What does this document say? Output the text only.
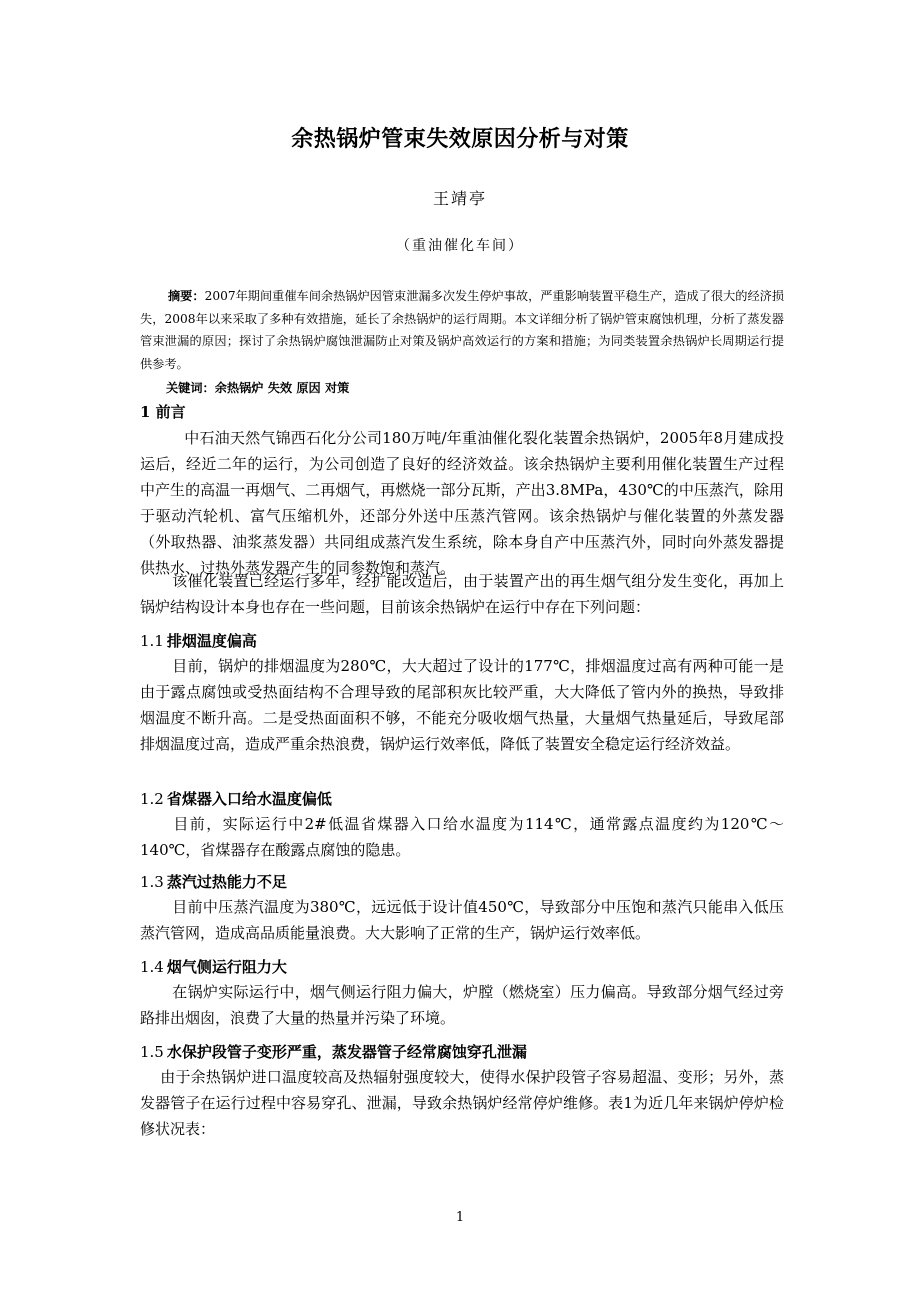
余热锅炉管束失效原因分析与对策
王靖亭
（重油催化车间）
摘要：2007年期间重催车间余热锅炉因管束泄漏多次发生停炉事故，严重影响装置平稳生产，造成了很大的经济损失，2008年以来采取了多种有效措施，延长了余热锅炉的运行周期。本文详细分析了锅炉管束腐蚀机理，分析了蒸发器管束泄漏的原因；探讨了余热锅炉腐蚀泄漏防止对策及锅炉高效运行的方案和措施；为同类装置余热锅炉长周期运行提供参考。
关键词：余热锅炉 失效 原因 对策
1 前言
中石油天然气锦西石化分公司180万吨/年重油催化裂化装置余热锅炉，2005年8月建成投运后，经近二年的运行，为公司创造了良好的经济效益。该余热锅炉主要利用催化装置生产过程中产生的高温一再烟气、二再烟气，再燃烧一部分瓦斯，产出3.8MPa，430℃的中压蒸汽，除用于驱动汽轮机、富气压缩机外，还部分外送中压蒸汽管网。该余热锅炉与催化装置的外蒸发器（外取热器、油浆蒸发器）共同组成蒸汽发生系统，除本身自产中压蒸汽外，同时向外蒸发器提供热水、过热外蒸发器产生的同参数饱和蒸汽。
该催化装置已经运行多年，经扩能改造后，由于装置产出的再生烟气组分发生变化，再加上锅炉结构设计本身也存在一些问题，目前该余热锅炉在运行中存在下列问题：
1.1 排烟温度偏高
目前，锅炉的排烟温度为280℃，大大超过了设计的177℃，排烟温度过高有两种可能一是由于露点腐蚀或受热面结构不合理导致的尾部积灰比较严重，大大降低了管内外的换热，导致排烟温度不断升高。二是受热面面积不够，不能充分吸收烟气热量，大量烟气热量延后，导致尾部排烟温度过高，造成严重余热浪费，锅炉运行效率低，降低了装置安全稳定运行经济效益。
1.2 省煤器入口给水温度偏低
目前，实际运行中2#低温省煤器入口给水温度为114℃，通常露点温度约为120℃～140℃，省煤器存在酸露点腐蚀的隐患。
1.3 蒸汽过热能力不足
目前中压蒸汽温度为380℃，远远低于设计值450℃，导致部分中压饱和蒸汽只能串入低压蒸汽管网，造成高品质能量浪费。大大影响了正常的生产，锅炉运行效率低。
1.4 烟气侧运行阻力大
在锅炉实际运行中，烟气侧运行阻力偏大，炉膛（燃烧室）压力偏高。导致部分烟气经过旁路排出烟囱，浪费了大量的热量并污染了环境。
1.5 水保护段管子变形严重，蒸发器管子经常腐蚀穿孔泄漏
由于余热锅炉进口温度较高及热辐射强度较大，使得水保护段管子容易超温、变形；另外，蒸发器管子在运行过程中容易穿孔、泄漏，导致余热锅炉经常停炉维修。表1为近几年来锅炉停炉检修状况表：
1
